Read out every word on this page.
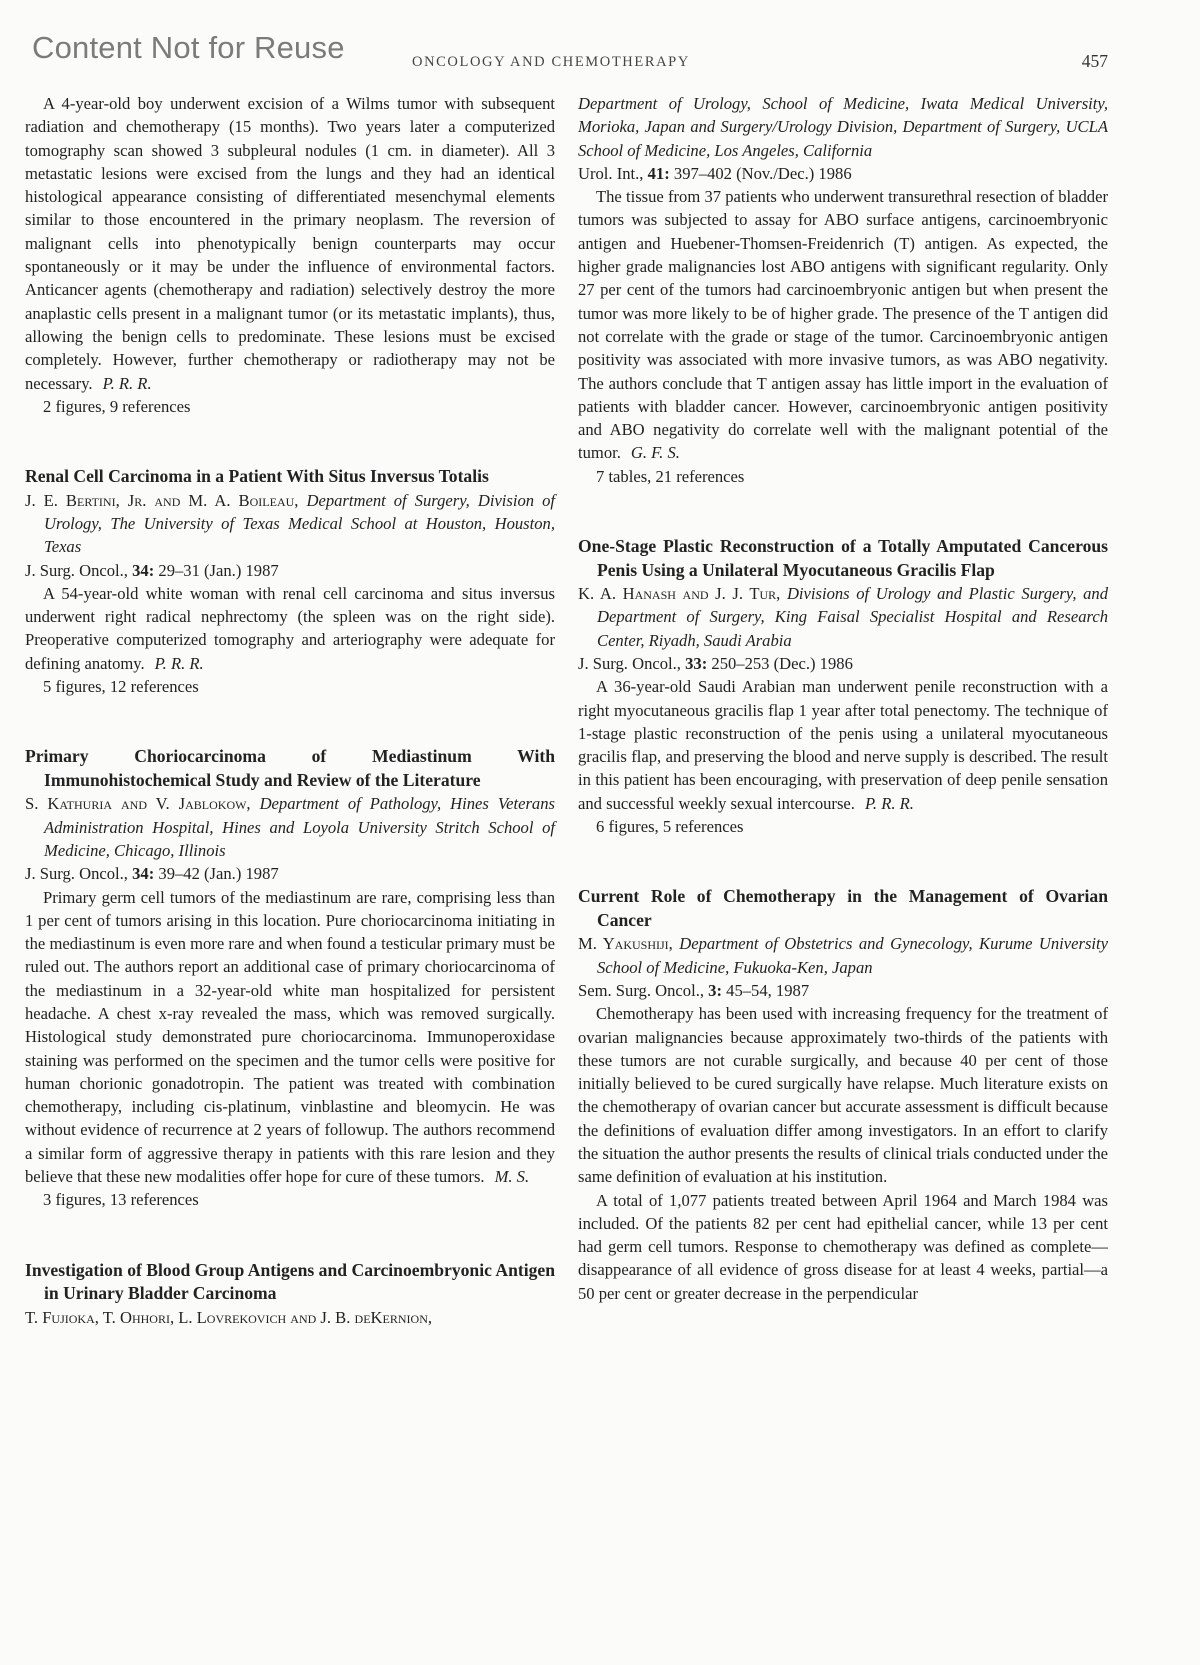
Content Not for Reuse	ONCOLOGY AND CHEMOTHERAPY	457

A 4-year-old boy underwent excision of a Wilms tumor with subsequent radiation and chemotherapy (15 months). Two years later a computerized tomography scan showed 3 subpleural nodules (1 cm. in diameter). All 3 metastatic lesions were excised from the lungs and they had an identical histological appearance consisting of differentiated mesenchymal elements similar to those encountered in the primary neoplasm. The reversion of malignant cells into phenotypically benign counterparts may occur spontaneously or it may be under the influence of environmental factors. Anticancer agents (chemotherapy and radiation) selectively destroy the more anaplastic cells present in a malignant tumor (or its metastatic implants), thus, allowing the benign cells to predominate. These lesions must be excised completely. However, further chemotherapy or radiotherapy may not be necessary. P. R. R.

2 figures, 9 references

Renal Cell Carcinoma in a Patient With Situs Inversus Totalis

J. E. Bertini, Jr. and M. A. Boileau, Department of Surgery, Division of Urology, The University of Texas Medical School at Houston, Houston, Texas

J. Surg. Oncol., 34: 29–31 (Jan.) 1987

A 54-year-old white woman with renal cell carcinoma and situs inversus underwent right radical nephrectomy (the spleen was on the right side). Preoperative computerized tomography and arteriography were adequate for defining anatomy. P. R. R.

5 figures, 12 references

Primary Choriocarcinoma of Mediastinum With Immunohistochemical Study and Review of the Literature

S. Kathuria and V. Jablokow, Department of Pathology, Hines Veterans Administration Hospital, Hines and Loyola University Stritch School of Medicine, Chicago, Illinois

J. Surg. Oncol., 34: 39–42 (Jan.) 1987

Primary germ cell tumors of the mediastinum are rare, comprising less than 1 per cent of tumors arising in this location. Pure choriocarcinoma initiating in the mediastinum is even more rare and when found a testicular primary must be ruled out. The authors report an additional case of primary choriocarcinoma of the mediastinum in a 32-year-old white man hospitalized for persistent headache. A chest x-ray revealed the mass, which was removed surgically. Histological study demonstrated pure choriocarcinoma. Immunoperoxidase staining was performed on the specimen and the tumor cells were positive for human chorionic gonadotropin. The patient was treated with combination chemotherapy, including cis-platinum, vinblastine and bleomycin. He was without evidence of recurrence at 2 years of followup. The authors recommend a similar form of aggressive therapy in patients with this rare lesion and they believe that these new modalities offer hope for cure of these tumors. M. S.

3 figures, 13 references

Investigation of Blood Group Antigens and Carcinoembryonic Antigen in Urinary Bladder Carcinoma

T. Fujioka, T. Ohhori, L. Lovrekovich and J. B. deKernion,

Department of Urology, School of Medicine, Iwata Medical University, Morioka, Japan and Surgery/Urology Division, Department of Surgery, UCLA School of Medicine, Los Angeles, California

Urol. Int., 41: 397–402 (Nov./Dec.) 1986

The tissue from 37 patients who underwent transurethral resection of bladder tumors was subjected to assay for ABO surface antigens, carcinoembryonic antigen and Huebener-Thomsen-Freidenrich (T) antigen. As expected, the higher grade malignancies lost ABO antigens with significant regularity. Only 27 per cent of the tumors had carcinoembryonic antigen but when present the tumor was more likely to be of higher grade. The presence of the T antigen did not correlate with the grade or stage of the tumor. Carcinoembryonic antigen positivity was associated with more invasive tumors, as was ABO negativity. The authors conclude that T antigen assay has little import in the evaluation of patients with bladder cancer. However, carcinoembryonic antigen positivity and ABO negativity do correlate well with the malignant potential of the tumor. G. F. S.

7 tables, 21 references

One-Stage Plastic Reconstruction of a Totally Amputated Cancerous Penis Using a Unilateral Myocutaneous Gracilis Flap

K. A. Hanash and J. J. Tur, Divisions of Urology and Plastic Surgery, and Department of Surgery, King Faisal Specialist Hospital and Research Center, Riyadh, Saudi Arabia

J. Surg. Oncol., 33: 250–253 (Dec.) 1986

A 36-year-old Saudi Arabian man underwent penile reconstruction with a right myocutaneous gracilis flap 1 year after total penectomy. The technique of 1-stage plastic reconstruction of the penis using a unilateral myocutaneous gracilis flap, and preserving the blood and nerve supply is described. The result in this patient has been encouraging, with preservation of deep penile sensation and successful weekly sexual intercourse. P. R. R.

6 figures, 5 references

Current Role of Chemotherapy in the Management of Ovarian Cancer

M. Yakushiji, Department of Obstetrics and Gynecology, Kurume University School of Medicine, Fukuoka-Ken, Japan

Sem. Surg. Oncol., 3: 45–54, 1987

Chemotherapy has been used with increasing frequency for the treatment of ovarian malignancies because approximately two-thirds of the patients with these tumors are not curable surgically, and because 40 per cent of those initially believed to be cured surgically have relapse. Much literature exists on the chemotherapy of ovarian cancer but accurate assessment is difficult because the definitions of evaluation differ among investigators. In an effort to clarify the situation the author presents the results of clinical trials conducted under the same definition of evaluation at his institution.

A total of 1,077 patients treated between April 1964 and March 1984 was included. Of the patients 82 per cent had epithelial cancer, while 13 per cent had germ cell tumors. Response to chemotherapy was defined as complete—disappearance of all evidence of gross disease for at least 4 weeks, partial—a 50 per cent or greater decrease in the perpendicular
